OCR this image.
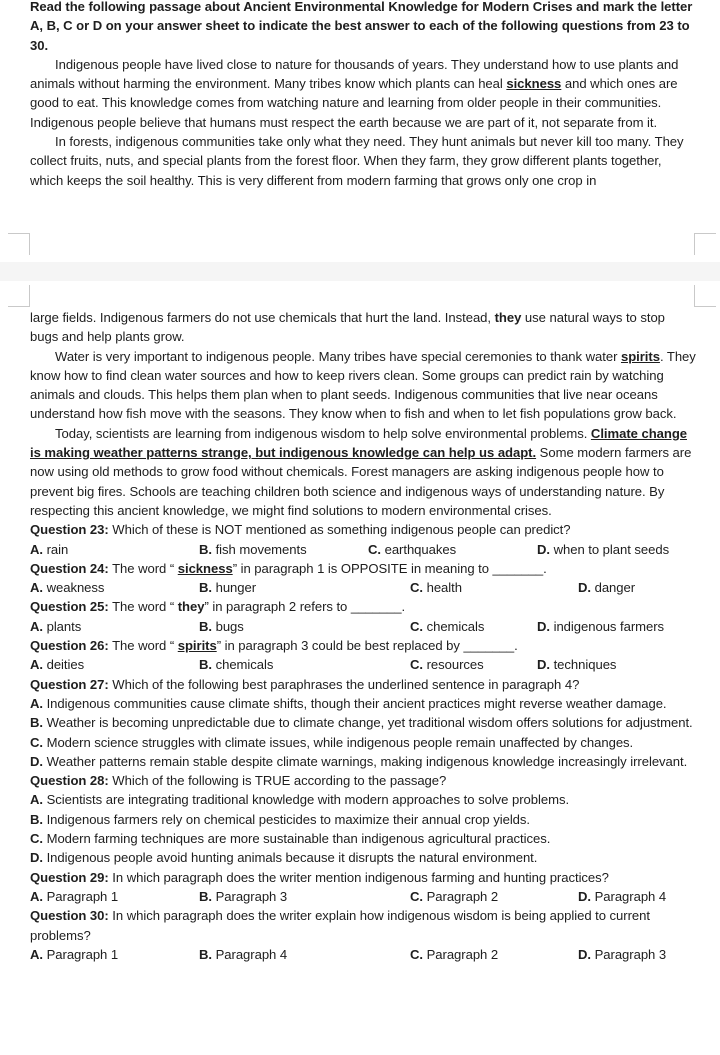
Read the following passage about Ancient Environmental Knowledge for Modern Crises and mark the letter A, B, C or D on your answer sheet to indicate the best answer to each of the following questions from 23 to 30.

Indigenous people have lived close to nature for thousands of years. They understand how to use plants and animals without harming the environment. Many tribes know which plants can heal sickness and which ones are good to eat. This knowledge comes from watching nature and learning from older people in their communities. Indigenous people believe that humans must respect the earth because we are part of it, not separate from it.

In forests, indigenous communities take only what they need. They hunt animals but never kill too many. They collect fruits, nuts, and special plants from the forest floor. When they farm, they grow different plants together, which keeps the soil healthy. This is very different from modern farming that grows only one crop in

large fields. Indigenous farmers do not use chemicals that hurt the land. Instead, they use natural ways to stop bugs and help plants grow.

Water is very important to indigenous people. Many tribes have special ceremonies to thank water spirits. They know how to find clean water sources and how to keep rivers clean. Some groups can predict rain by watching animals and clouds. This helps them plan when to plant seeds. Indigenous communities that live near oceans understand how fish move with the seasons. They know when to fish and when to let fish populations grow back.

Today, scientists are learning from indigenous wisdom to help solve environmental problems. Climate change is making weather patterns strange, but indigenous knowledge can help us adapt. Some modern farmers are now using old methods to grow food without chemicals. Forest managers are asking indigenous people how to prevent big fires. Schools are teaching children both science and indigenous ways of understanding nature. By respecting this ancient knowledge, we might find solutions to modern environmental crises.

Question 23: Which of these is NOT mentioned as something indigenous people can predict?

A. rain	B. fish movements	C. earthquakes	D. when to plant seeds

Question 24: The word “ sickness” in paragraph 1 is OPPOSITE in meaning to _______.

A. weakness	B. hunger	C. health	D. danger

Question 25: The word “ they” in paragraph 2 refers to _______.

A. plants	B. bugs	C. chemicals	D. indigenous farmers

Question 26: The word “ spirits” in paragraph 3 could be best replaced by _______.

A. deities	B. chemicals	C. resources	D. techniques

Question 27: Which of the following best paraphrases the underlined sentence in paragraph 4?

A. Indigenous communities cause climate shifts, though their ancient practices might reverse weather damage.

B. Weather is becoming unpredictable due to climate change, yet traditional wisdom offers solutions for adjustment.

C. Modern science struggles with climate issues, while indigenous people remain unaffected by changes.

D. Weather patterns remain stable despite climate warnings, making indigenous knowledge increasingly irrelevant.

Question 28: Which of the following is TRUE according to the passage?

A. Scientists are integrating traditional knowledge with modern approaches to solve problems.

B. Indigenous farmers rely on chemical pesticides to maximize their annual crop yields.

C. Modern farming techniques are more sustainable than indigenous agricultural practices.

D. Indigenous people avoid hunting animals because it disrupts the natural environment.

Question 29: In which paragraph does the writer mention indigenous farming and hunting practices?

A. Paragraph 1	B. Paragraph 3	C. Paragraph 2	D. Paragraph 4

Question 30: In which paragraph does the writer explain how indigenous wisdom is being applied to current problems?

A. Paragraph 1	B. Paragraph 4	C. Paragraph 2	D. Paragraph 3
